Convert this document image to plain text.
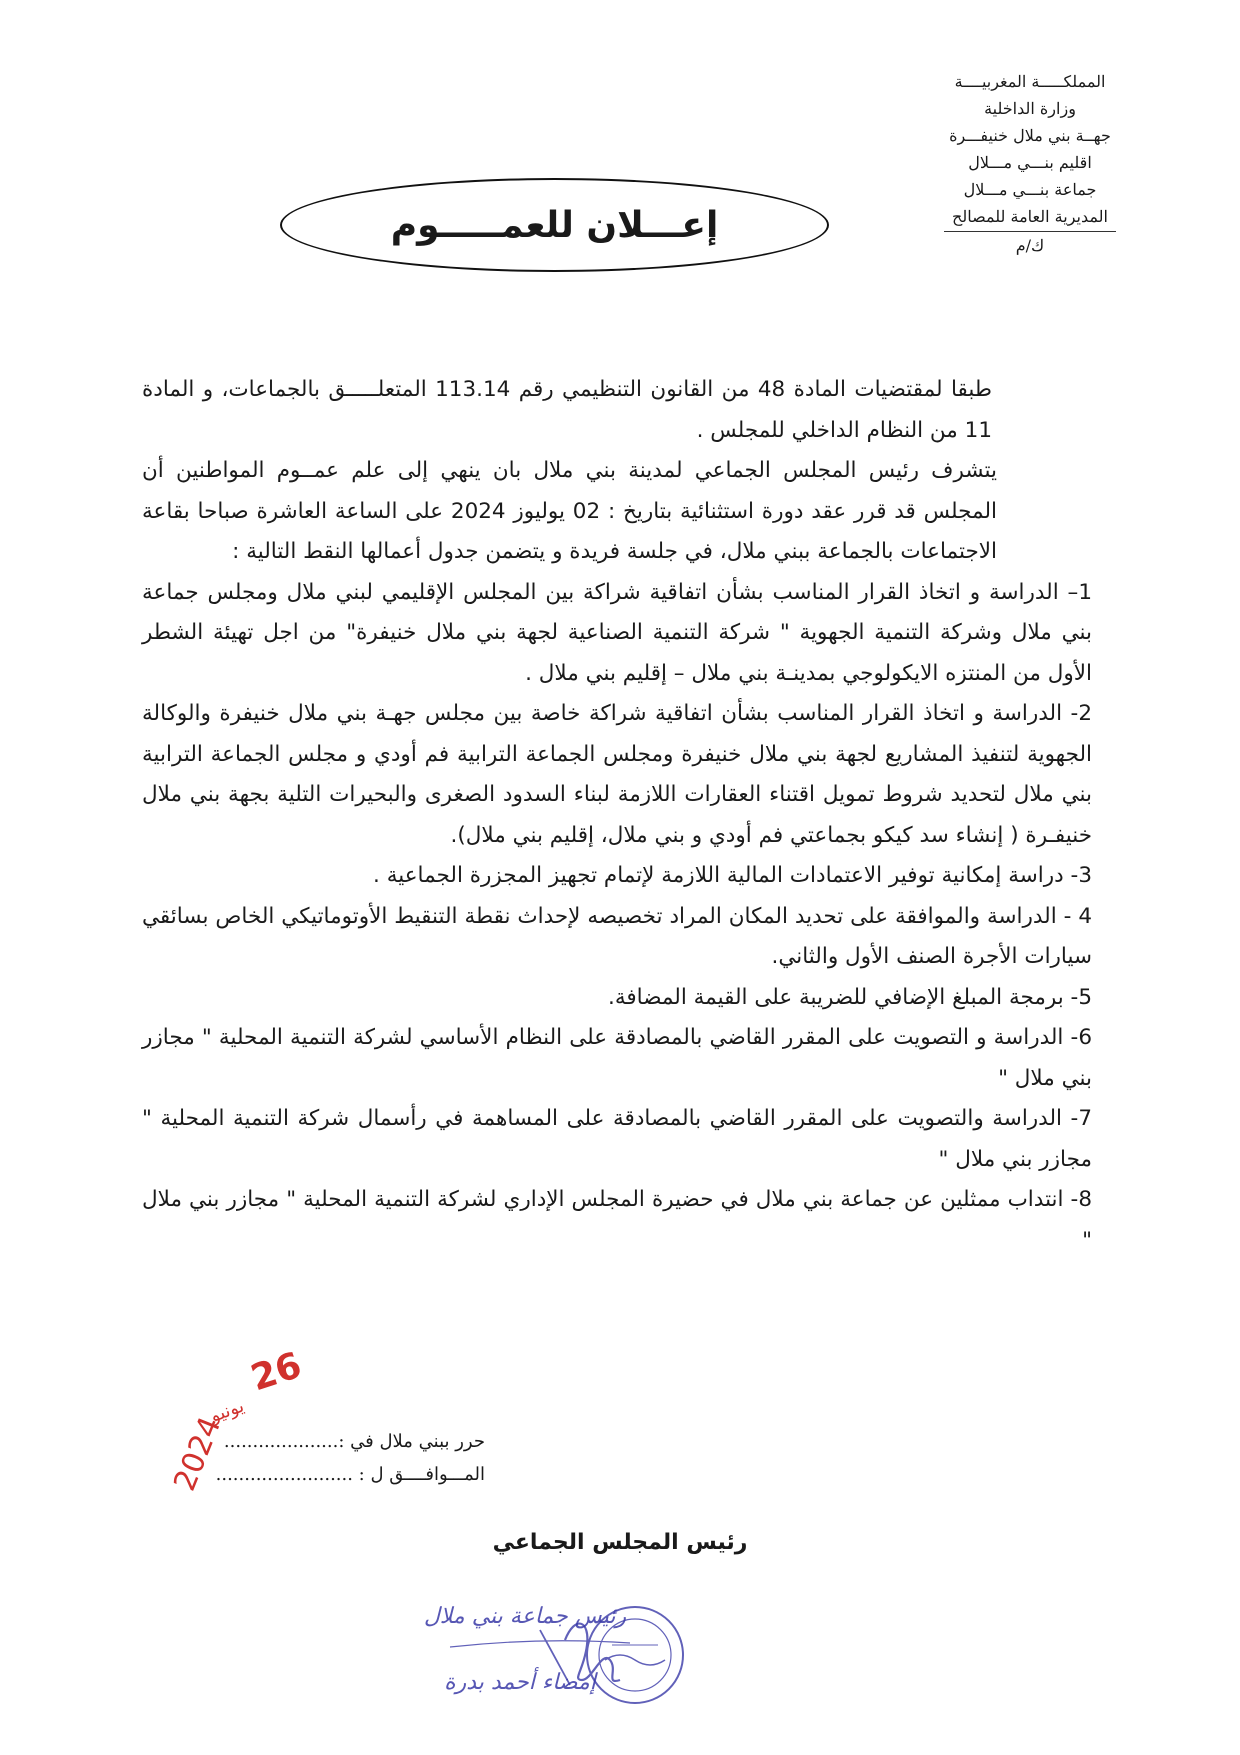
المملكـــــة المغربيــــة
وزارة الداخلية
جهــة بني ملال خنيفـــرة
اقليم بنـــي مـــلال
جماعة بنـــي مـــلال
المديرية العامة للمصالح
ك/م
إعـــلان للعمـــــوم

طبقا لمقتضيات المادة 48 من القانون التنظيمي رقم 113.14 المتعلـــــق بالجماعات، و المادة 11 من النظام الداخلي للمجلس .

يتشرف رئيس المجلس الجماعي لمدينة بني ملال بان ينهي إلى علم عمــوم المواطنين أن المجلس قد قرر عقد دورة استثنائية بتاريخ : 02 يوليوز 2024 على الساعة العاشرة صباحا بقاعة الاجتماعات بالجماعة ببني ملال، في جلسة فريدة و يتضمن جدول أعمالها النقط التالية :

1– الدراسة و اتخاذ القرار المناسب بشأن اتفاقية شراكة بين المجلس الإقليمي لبني ملال ومجلس جماعة بني ملال وشركة التنمية الجهوية " شركة التنمية الصناعية لجهة بني ملال خنيفرة" من اجل تهيئة الشطر الأول من المنتزه الايكولوجي بمدينـة بني ملال – إقليم بني ملال .

2- الدراسة و اتخاذ القرار المناسب بشأن اتفاقية شراكة خاصة بين مجلس جهـة بني ملال خنيفرة والوكالة الجهوية لتنفيذ المشاريع لجهة بني ملال خنيفرة ومجلس الجماعة الترابية فم أودي و مجلس الجماعة الترابية بني ملال لتحديد شروط تمويل اقتناء العقارات اللازمة لبناء السدود الصغرى والبحيرات التلية بجهة بني ملال خنيفـرة ( إنشاء سد كيكو بجماعتي فم أودي و بني ملال، إقليم بني ملال).

3- دراسة إمكانية توفير الاعتمادات المالية اللازمة لإتمام تجهيز المجزرة الجماعية .

4 - الدراسة والموافقة على تحديد المكان المراد تخصيصه لإحداث نقطة التنقيط الأوتوماتيكي الخاص بسائقي سيارات الأجرة الصنف الأول والثاني.

5- برمجة المبلغ الإضافي للضريبة على القيمة المضافة.

6- الدراسة و التصويت على المقرر القاضي بالمصادقة على النظام الأساسي لشركة التنمية المحلية " مجازر بني ملال "

7- الدراسة والتصويت على المقرر القاضي بالمصادقة على المساهمة في رأسمال شركة التنمية المحلية " مجازر بني ملال "

8- انتداب ممثلين عن جماعة بني ملال في حضيرة المجلس الإداري لشركة التنمية المحلية " مجازر بني ملال "

حرر ببني ملال في :....................
المـــوافــــق ل : ........................
26
يونيو
2024
رئيس المجلس الجماعي
رئيس جماعة بني ملال
إمضاء أحمد بدرة
